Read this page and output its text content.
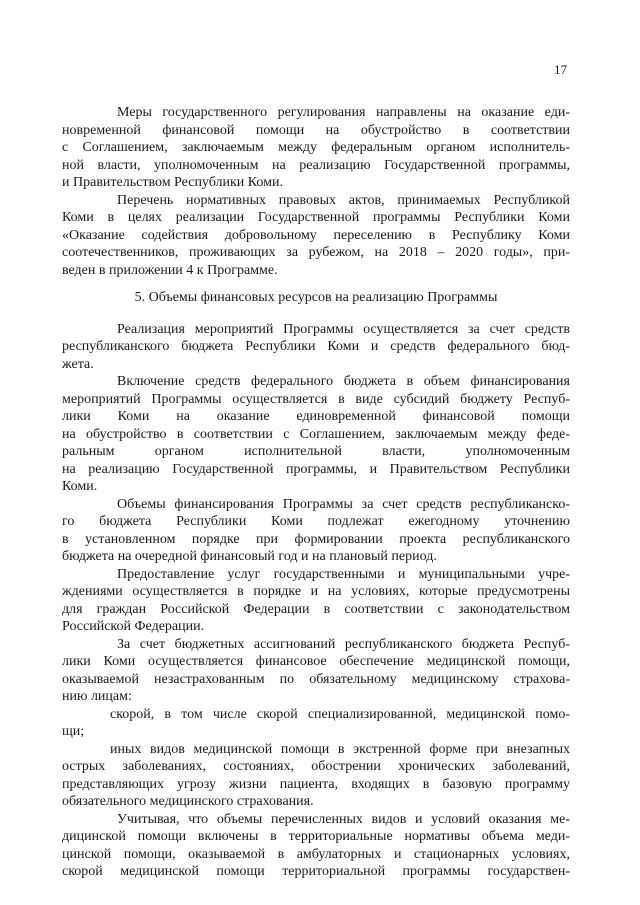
17
Меры государственного регулирования направлены на оказание еди-
новременной финансовой помощи на обустройство в соответствии
с Соглашением, заключаемым между федеральным органом исполнитель-
ной власти, уполномоченным на реализацию Государственной программы,
и Правительством Республики Коми.
Перечень нормативных правовых актов, принимаемых Республикой
Коми в целях реализации Государственной программы Республики Коми
«Оказание содействия добровольному переселению в Республику Коми
соотечественников, проживающих за рубежом, на 2018 – 2020 годы», при-
веден в приложении 4 к Программе.
5. Объемы финансовых ресурсов на реализацию Программы
Реализация мероприятий Программы осуществляется за счет средств
республиканского бюджета Республики Коми и средств федерального бюд-
жета.
Включение средств федерального бюджета в объем финансирования
мероприятий Программы осуществляется в виде субсидий бюджету Респуб-
лики Коми на оказание единовременной финансовой помощи
на обустройство в соответствии с Соглашением, заключаемым между феде-
ральным органом исполнительной власти, уполномоченным
на реализацию Государственной программы, и Правительством Республики
Коми.
Объемы финансирования Программы за счет средств республиканско-
го бюджета Республики Коми подлежат ежегодному уточнению
в установленном порядке при формировании проекта республиканского
бюджета на очередной финансовый год и на плановый период.
Предоставление услуг государственными и муниципальными учре-
ждениями осуществляется в порядке и на условиях, которые предусмотрены
для граждан Российской Федерации в соответствии с законодательством
Российской Федерации.
За счет бюджетных ассигнований республиканского бюджета Респуб-
лики Коми осуществляется финансовое обеспечение медицинской помощи,
оказываемой незастрахованным по обязательному медицинскому страхова-
нию лицам:
скорой, в том числе скорой специализированной, медицинской помо-
щи;
иных видов медицинской помощи в экстренной форме при внезапных
острых заболеваниях, состояниях, обострении хронических заболеваний,
представляющих угрозу жизни пациента, входящих в базовую программу
обязательного медицинского страхования.
Учитывая, что объемы перечисленных видов и условий оказания ме-
дицинской помощи включены в территориальные нормативы объема меди-
цинской помощи, оказываемой в амбулаторных и стационарных условиях,
скорой медицинской помощи территориальной программы государствен-
